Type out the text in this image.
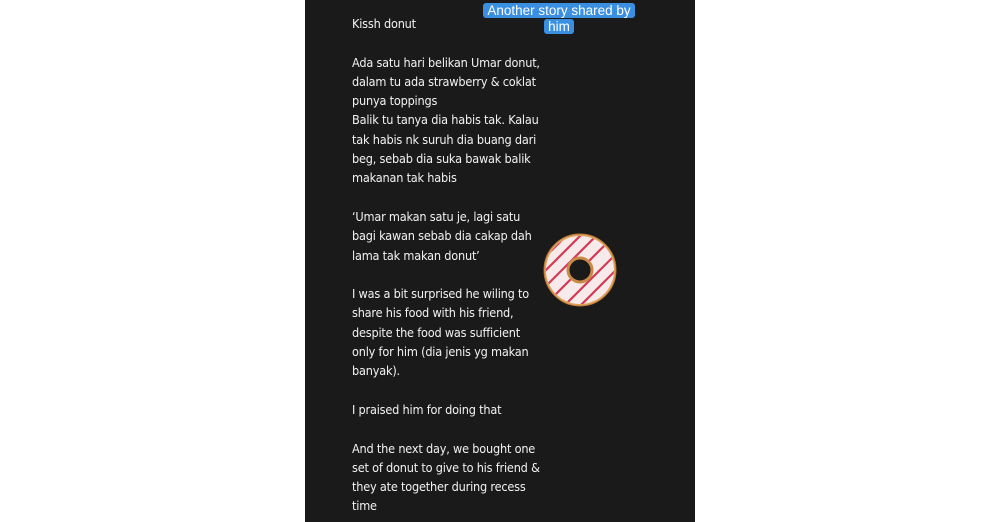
Another story shared by him
Kissh donut
Ada satu hari belikan Umar donut,
dalam tu ada strawberry & coklat
punya toppings
Balik tu tanya dia habis tak. Kalau
tak habis nk suruh dia buang dari
beg, sebab dia suka bawak balik
makanan tak habis
‘Umar makan satu je, lagi satu
bagi kawan sebab dia cakap dah
lama tak makan donut’
I was a bit surprised he wiling to
share his food with his friend,
despite the food was sufficient
only for him (dia jenis yg makan
banyak).
I praised him for doing that
And the next day, we bought one
set of donut to give to his friend &
they ate together during recess
time
